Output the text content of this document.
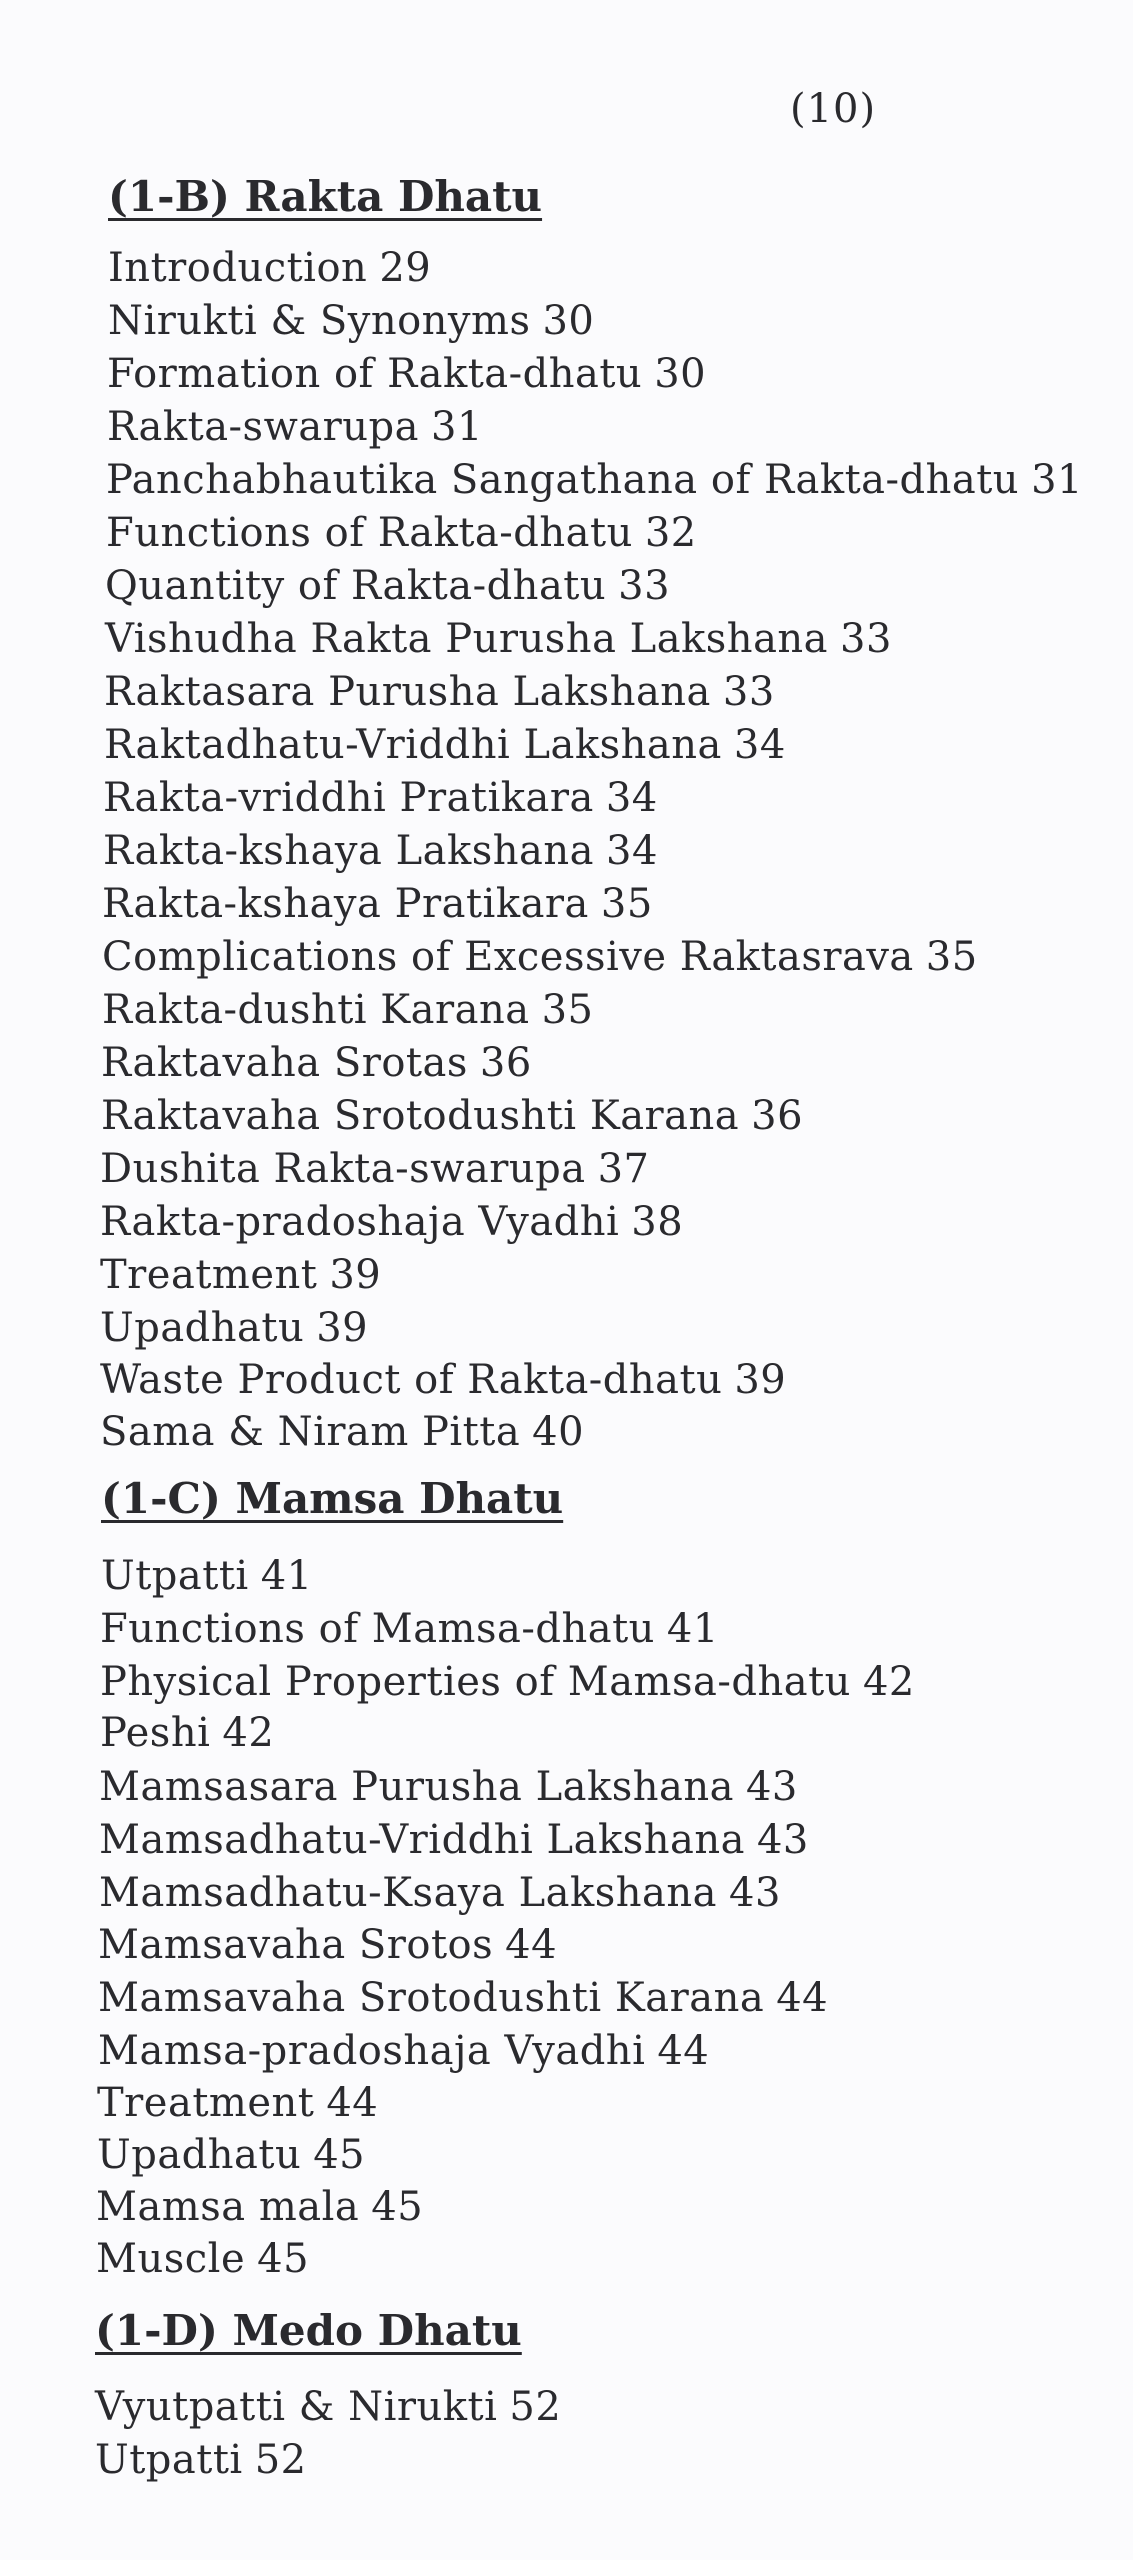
(10)
(1-B) Rakta Dhatu
Introduction 29
Nirukti & Synonyms 30
Formation of Rakta-dhatu 30
Rakta-swarupa 31
Panchabhautika Sangathana of Rakta-dhatu 31
Functions of Rakta-dhatu 32
Quantity of Rakta-dhatu 33
Vishudha Rakta Purusha Lakshana 33
Raktasara Purusha Lakshana 33
Raktadhatu-Vriddhi Lakshana 34
Rakta-vriddhi Pratikara 34
Rakta-kshaya Lakshana 34
Rakta-kshaya Pratikara 35
Complications of Excessive Raktasrava 35
Rakta-dushti Karana 35
Raktavaha Srotas 36
Raktavaha Srotodushti Karana 36
Dushita Rakta-swarupa 37
Rakta-pradoshaja Vyadhi 38
Treatment 39
Upadhatu 39
Waste Product of Rakta-dhatu 39
Sama & Niram Pitta 40
(1-C) Mamsa Dhatu
Utpatti 41
Functions of Mamsa-dhatu 41
Physical Properties of Mamsa-dhatu 42
Peshi 42
Mamsasara Purusha Lakshana 43
Mamsadhatu-Vriddhi Lakshana 43
Mamsadhatu-Ksaya Lakshana 43
Mamsavaha Srotos 44
Mamsavaha Srotodushti Karana 44
Mamsa-pradoshaja Vyadhi 44
Treatment 44
Upadhatu 45
Mamsa mala 45
Muscle 45
(1-D) Medo Dhatu
Vyutpatti & Nirukti 52
Utpatti 52
